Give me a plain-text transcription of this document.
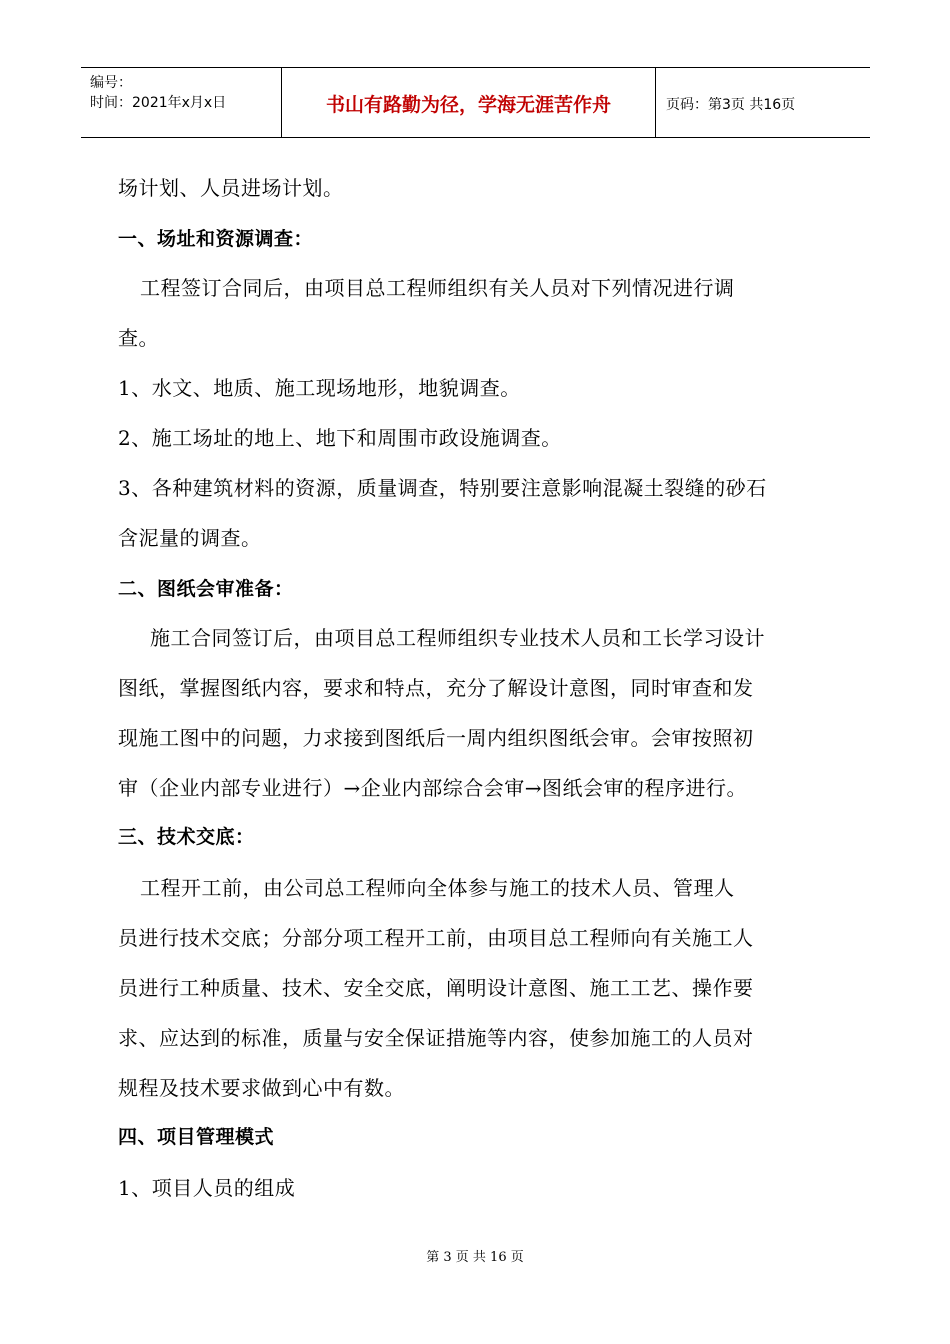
编号：
时间：2021年x月x日	书山有路勤为径，学海无涯苦作舟	页码：第3页 共16页
场计划、人员进场计划。
一、场址和资源调查：
工程签订合同后，由项目总工程师组织有关人员对下列情况进行调
查。
1、水文、地质、施工现场地形，地貌调查。
2、施工场址的地上、地下和周围市政设施调查。
3、各种建筑材料的资源，质量调查，特别要注意影响混凝土裂缝的砂石
含泥量的调查。
二、图纸会审准备：
施工合同签订后，由项目总工程师组织专业技术人员和工长学习设计
图纸，掌握图纸内容，要求和特点，充分了解设计意图，同时审查和发
现施工图中的问题，力求接到图纸后一周内组织图纸会审。会审按照初
审（企业内部专业进行）→企业内部综合会审→图纸会审的程序进行。
三、技术交底：
工程开工前，由公司总工程师向全体参与施工的技术人员、管理人
员进行技术交底；分部分项工程开工前，由项目总工程师向有关施工人
员进行工种质量、技术、安全交底，阐明设计意图、施工工艺、操作要
求、应达到的标准，质量与安全保证措施等内容，使参加施工的人员对
规程及技术要求做到心中有数。
四、项目管理模式
1、项目人员的组成
第 3 页 共 16 页
